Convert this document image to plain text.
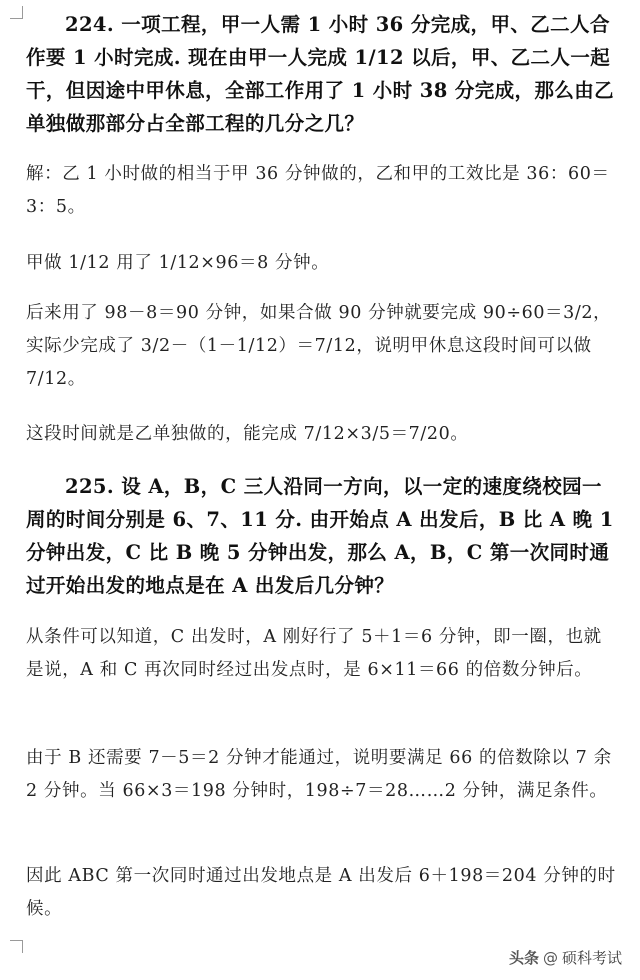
224. 一项工程，甲一人需 1 小时 36 分完成，甲、乙二人合作要 1 小时完成. 现在由甲一人完成 1/12 以后，甲、乙二人一起干，但因途中甲休息，全部工作用了 1 小时 38 分完成，那么由乙单独做那部分占全部工程的几分之几？

解：乙 1 小时做的相当于甲 36 分钟做的，乙和甲的工效比是 36：60＝3：5。

甲做 1/12 用了 1/12×96＝8 分钟。

后来用了 98－8＝90 分钟，如果合做 90 分钟就要完成 90÷60＝3/2，实际少完成了 3/2－（1－1/12）＝7/12，说明甲休息这段时间可以做 7/12。

这段时间就是乙单独做的，能完成 7/12×3/5＝7/20。

225. 设 A，B，C 三人沿同一方向，以一定的速度绕校园一周的时间分别是 6、7、11 分. 由开始点 A 出发后，B 比 A 晚 1 分钟出发，C 比 B 晚 5 分钟出发，那么 A，B，C 第一次同时通过开始出发的地点是在 A 出发后几分钟？

从条件可以知道，C 出发时，A 刚好行了 5＋1＝6 分钟，即一圈，也就是说，A 和 C 再次同时经过出发点时，是 6×11＝66 的倍数分钟后。

由于 B 还需要 7－5＝2 分钟才能通过，说明要满足 66 的倍数除以 7 余 2 分钟。当 66×3＝198 分钟时，198÷7＝28……2 分钟，满足条件。

因此 ABC 第一次同时通过出发地点是 A 出发后 6＋198＝204 分钟的时候。

头条 @ 硕科考试
